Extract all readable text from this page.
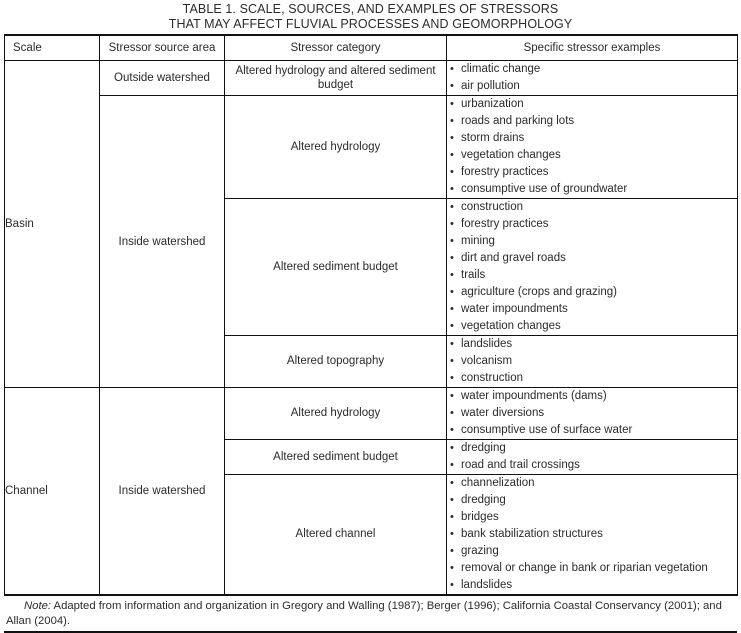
TABLE 1. SCALE, SOURCES, AND EXAMPLES OF STRESSORS
THAT MAY AFFECT FLUVIAL PROCESSES AND GEOMORPHOLOGY
Scale	Stressor source area	Stressor category	Specific stressor examples

Basin	Outside watershed	Altered hydrology and altered sediment budget	
• climatic change
• air pollution

Inside watershed	Altered hydrology	
• urbanization
• roads and parking lots
• storm drains
• vegetation changes
• forestry practices
• consumptive use of groundwater

Altered sediment budget	
• construction
• forestry practices
• mining
• dirt and gravel roads
• trails
• agriculture (crops and grazing)
• water impoundments
• vegetation changes

Altered topography	
• landslides
• volcanism
• construction

Channel	Inside watershed	Altered hydrology	
• water impoundments (dams)
• water diversions
• consumptive use of surface water

Altered sediment budget	
• dredging
• road and trail crossings

Altered channel	
• channelization
• dredging
• bridges
• bank stabilization structures
• grazing
• removal or change in bank or riparian vegetation
• landslides
Note: Adapted from information and organization in Gregory and Walling (1987); Berger (1996); California Coastal Conservancy (2001); and Allan (2004).
